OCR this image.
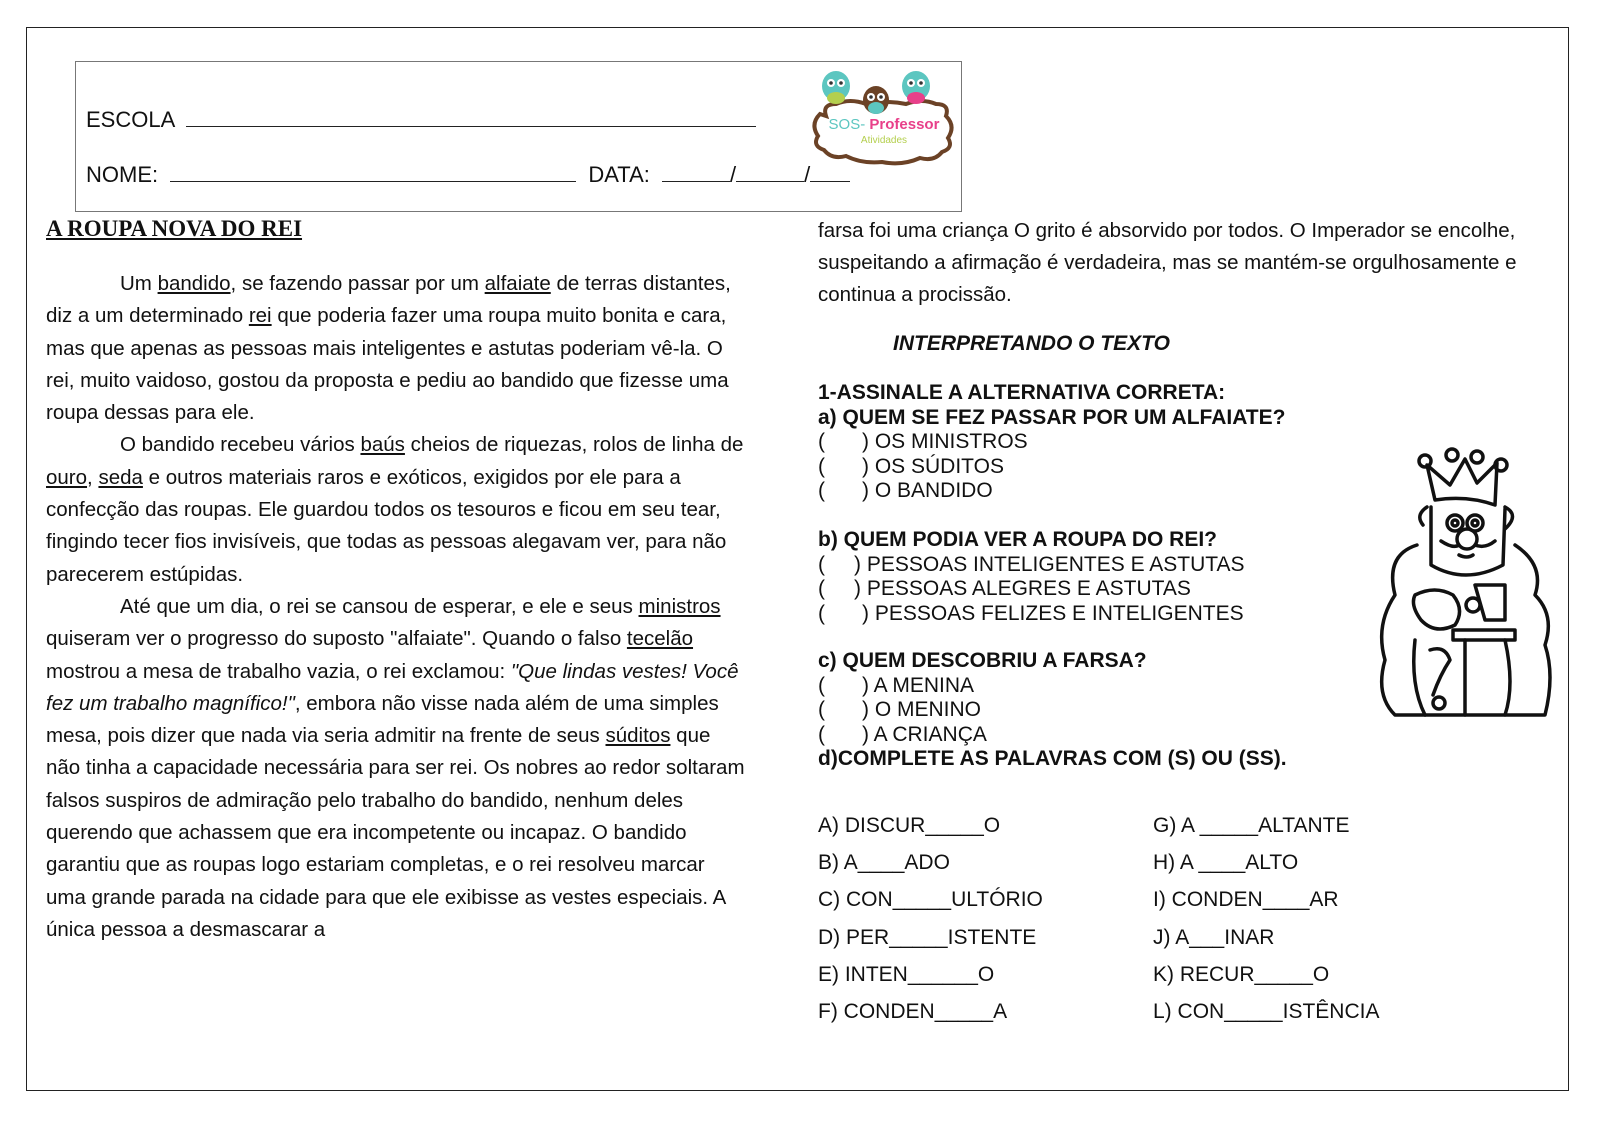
ESCOLA
NOME:	DATA:	/	/
SOS- Professor
Atividades
A ROUPA NOVA DO REI

Um bandido, se fazendo passar por um alfaiate de terras distantes, diz a um determinado rei que poderia fazer uma roupa muito bonita e cara, mas que apenas as pessoas mais inteligentes e astutas poderiam vê-la. O rei, muito vaidoso, gostou da proposta e pediu ao bandido que fizesse uma roupa dessas para ele.

O bandido recebeu vários baús cheios de riquezas, rolos de linha de ouro, seda e outros materiais raros e exóticos, exigidos por ele para a confecção das roupas. Ele guardou todos os tesouros e ficou em seu tear, fingindo tecer fios invisíveis, que todas as pessoas alegavam ver, para não parecerem estúpidas.

Até que um dia, o rei se cansou de esperar, e ele e seus ministros quiseram ver o progresso do suposto "alfaiate". Quando o falso tecelão mostrou a mesa de trabalho vazia, o rei exclamou: "Que lindas vestes! Você fez um trabalho magnífico!", embora não visse nada além de uma simples mesa, pois dizer que nada via seria admitir na frente de seus súditos que não tinha a capacidade necessária para ser rei. Os nobres ao redor soltaram falsos suspiros de admiração pelo trabalho do bandido, nenhum deles querendo que achassem que era incompetente ou incapaz. O bandido garantiu que as roupas logo estariam completas, e o rei resolveu marcar uma grande parada na cidade para que ele exibisse as vestes especiais. A única pessoa a desmascarar a

farsa foi uma criança O grito é absorvido por todos. O Imperador se encolhe, suspeitando a afirmação é verdadeira, mas se mantém-se orgulhosamente e continua a procissão.
INTERPRETANDO O TEXTO
1-ASSINALE A ALTERNATIVA CORRETA:
a) QUEM SE FEZ PASSAR POR UM ALFAIATE?
( ) OS MINISTROS
( ) OS SÚDITOS
( ) O BANDIDO
b) QUEM PODIA VER A ROUPA DO REI?
( ) PESSOAS INTELIGENTES E ASTUTAS
( ) PESSOAS ALEGRES E ASTUTAS
( ) PESSOAS FELIZES E INTELIGENTES
c) QUEM DESCOBRIU A FARSA?
( ) A MENINA
( ) O MENINO
( ) A CRIANÇA
d)COMPLETE AS PALAVRAS COM (S) OU (SS).
A) DISCUR_____O
B) A____ADO
C) CON_____ULTÓRIO
D) PER_____ISTENTE
E) INTEN______O
F) CONDEN_____A
G) A _____ALTANTE
H) A ____ALTO
I) CONDEN____AR
J) A___INAR
K) RECUR_____O
L) CON_____ISTÊNCIA
